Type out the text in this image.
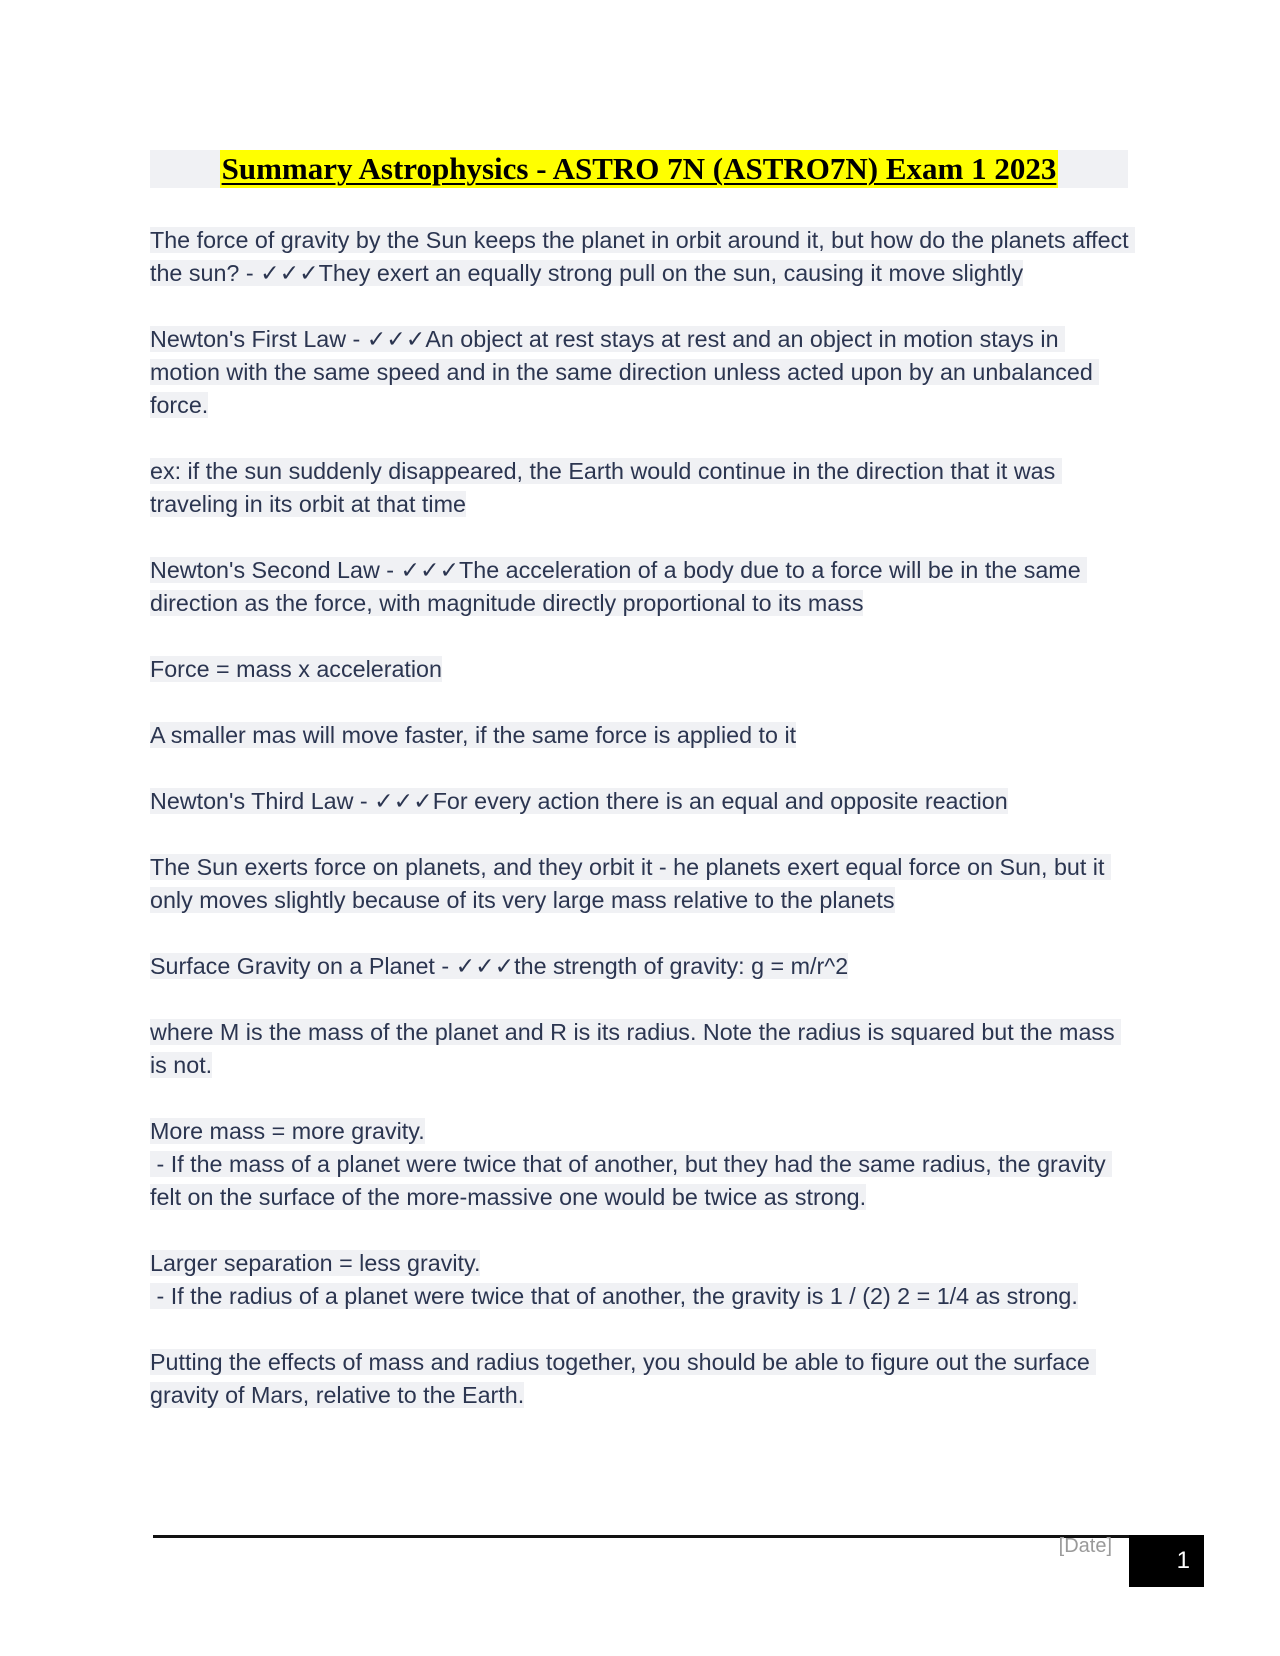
Summary Astrophysics - ASTRO 7N (ASTRO7N) Exam 1 2023

The force of gravity by the Sun keeps the planet in orbit around it, but how do the planets affect the sun? - ✓✓✓They exert an equally strong pull on the sun, causing it move slightly

Newton's First Law - ✓✓✓An object at rest stays at rest and an object in motion stays in motion with the same speed and in the same direction unless acted upon by an unbalanced force.

ex: if the sun suddenly disappeared, the Earth would continue in the direction that it was traveling in its orbit at that time

Newton's Second Law - ✓✓✓The acceleration of a body due to a force will be in the same direction as the force, with magnitude directly proportional to its mass

Force = mass x acceleration

A smaller mas will move faster, if the same force is applied to it

Newton's Third Law - ✓✓✓For every action there is an equal and opposite reaction

The Sun exerts force on planets, and they orbit it - he planets exert equal force on Sun, but it only moves slightly because of its very large mass relative to the planets

Surface Gravity on a Planet - ✓✓✓the strength of gravity: g = m/r^2

where M is the mass of the planet and R is its radius. Note the radius is squared but the mass is not.

More mass = more gravity.
- If the mass of a planet were twice that of another, but they had the same radius, the gravity felt on the surface of the more-massive one would be twice as strong.

Larger separation = less gravity.
- If the radius of a planet were twice that of another, the gravity is 1 / (2) 2 = 1/4 as strong.

Putting the effects of mass and radius together, you should be able to figure out the surface gravity of Mars, relative to the Earth.

[Date]
1
